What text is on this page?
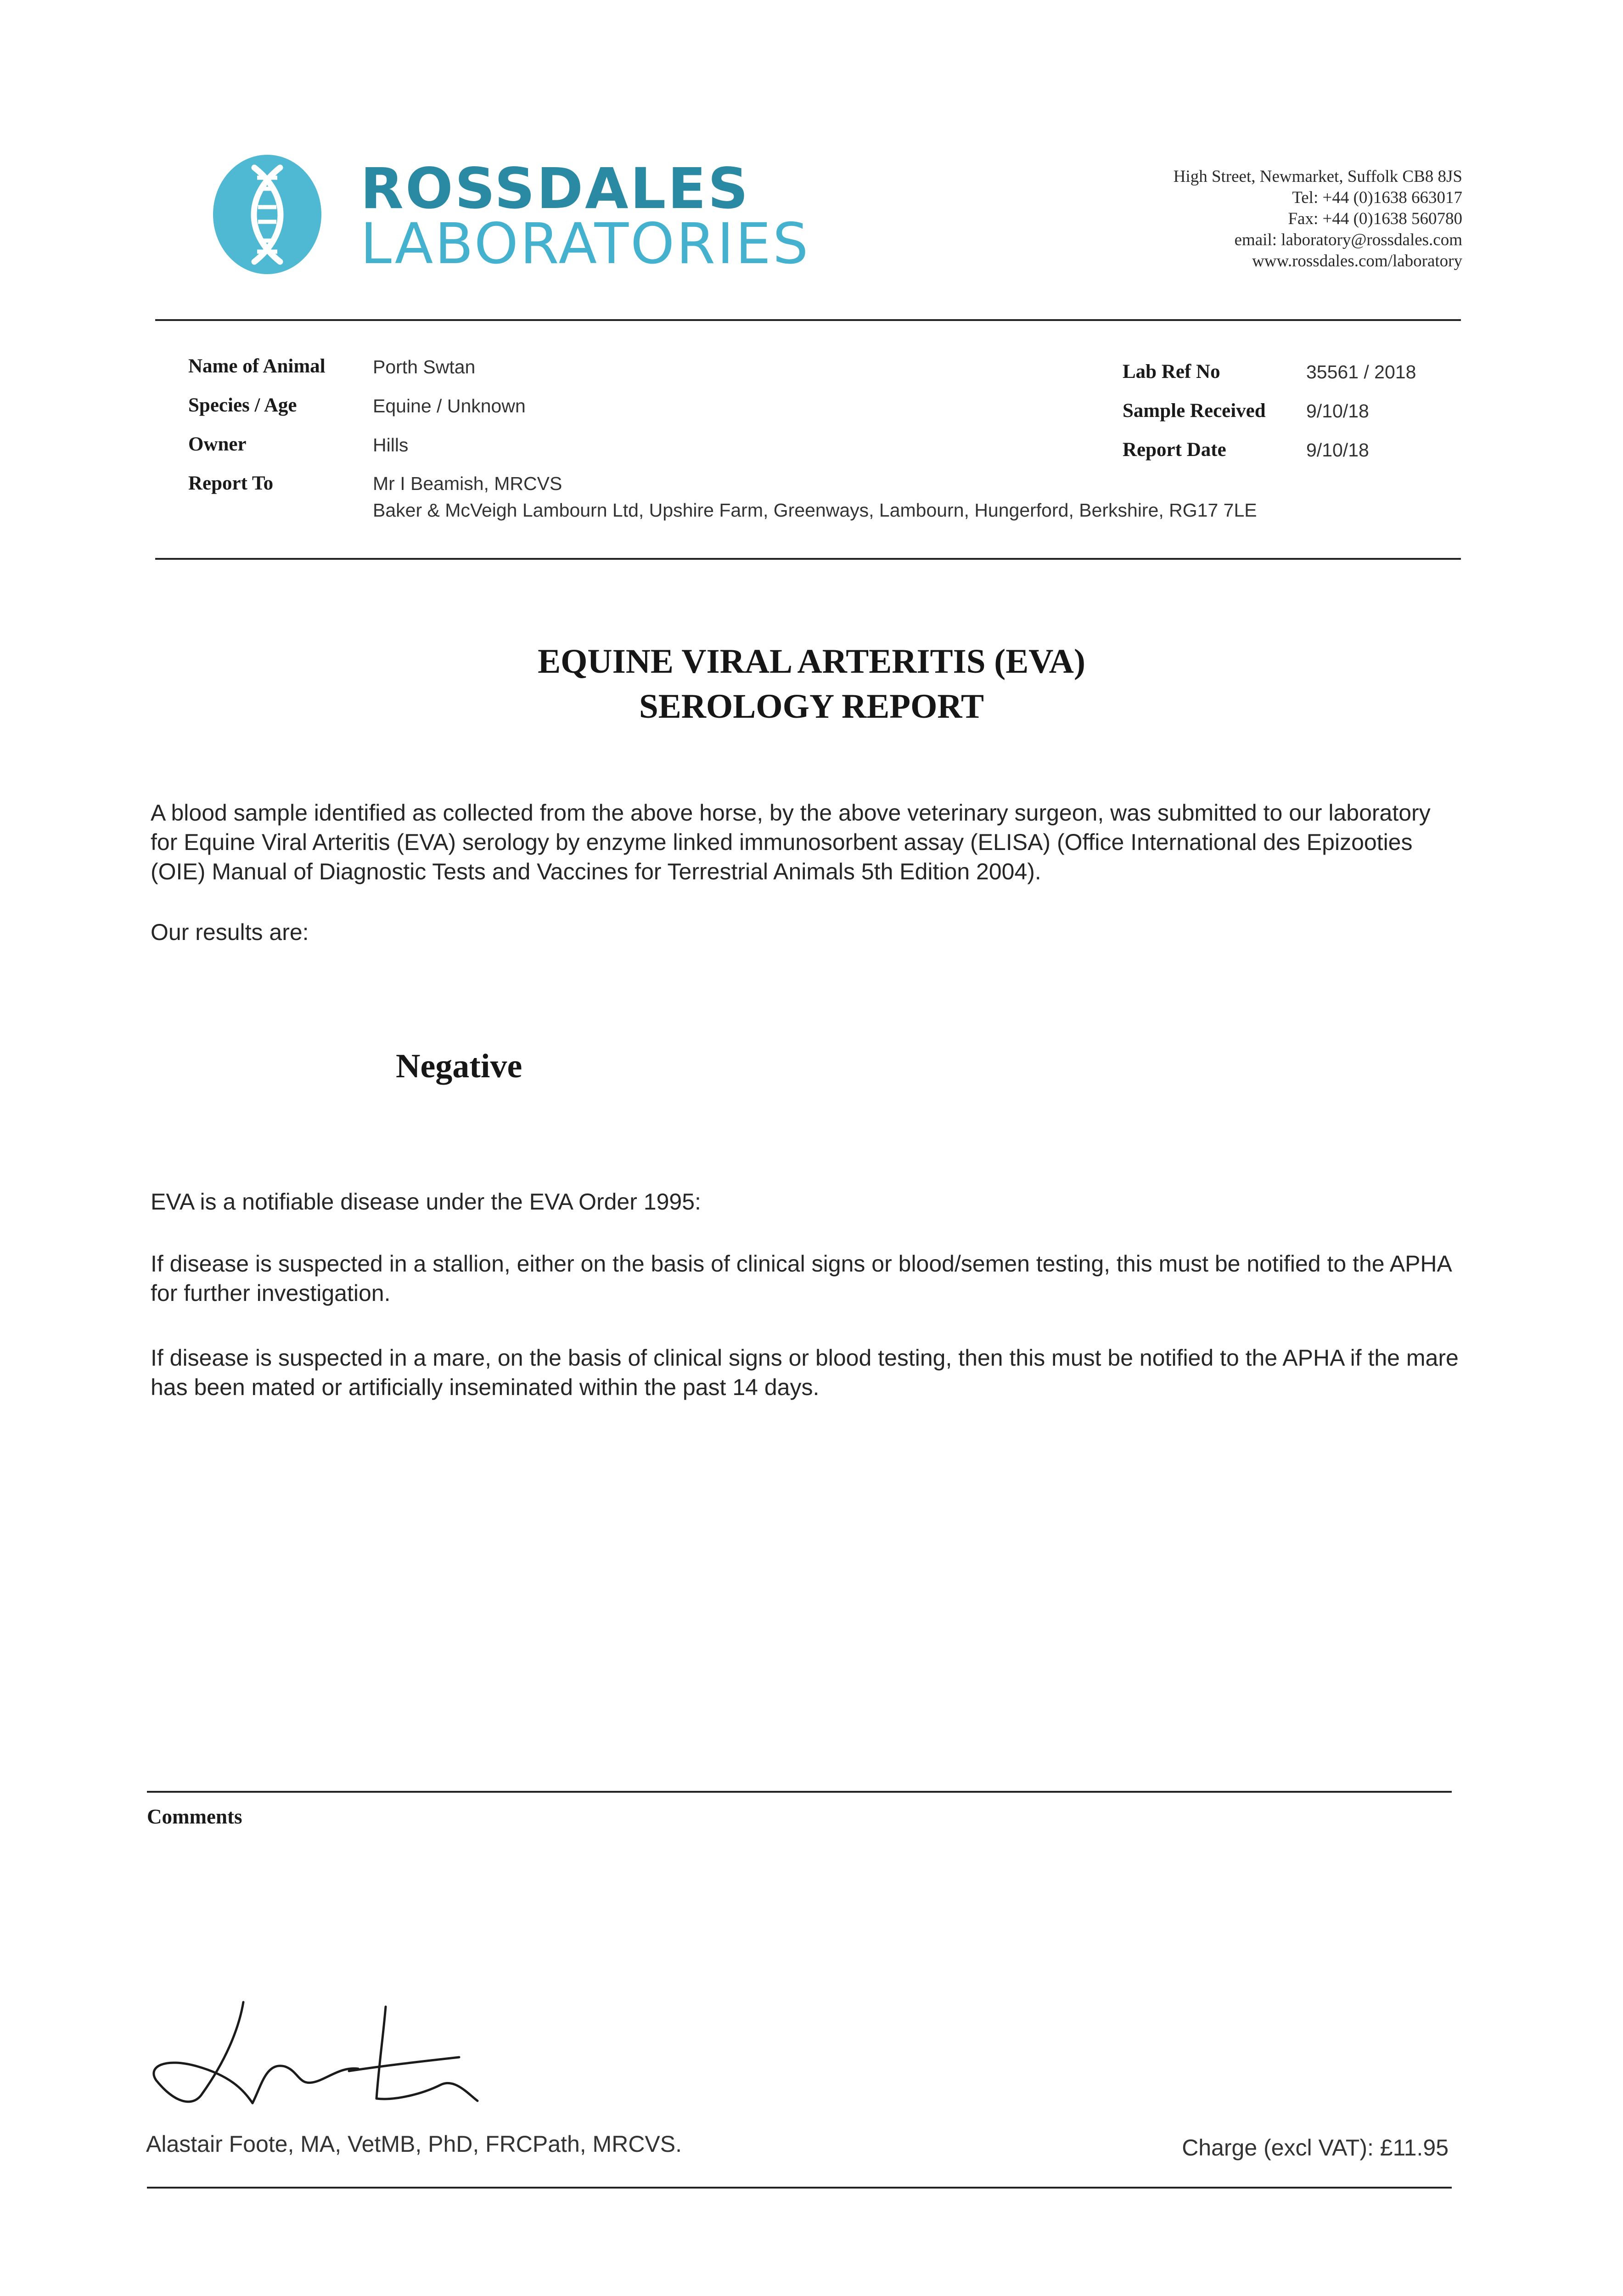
ROSSDALES
LABORATORIES
High Street, Newmarket, Suffolk CB8 8JS
Tel: +44 (0)1638 663017
Fax: +44 (0)1638 560780
email: laboratory@rossdales.com
www.rossdales.com/laboratory
Name of Animal	Porth Swtan
Species / Age	Equine / Unknown
Owner	Hills
Report To	Mr I Beamish, MRCVS
Baker & McVeigh Lambourn Ltd, Upshire Farm, Greenways, Lambourn, Hungerford, Berkshire, RG17 7LE
Lab Ref No	35561 / 2018
Sample Received 9/10/18
Report Date	9/10/18
EQUINE VIRAL ARTERITIS (EVA)
SEROLOGY REPORT
A blood sample identified as collected from the above horse, by the above veterinary surgeon, was submitted to our laboratory for Equine Viral Arteritis (EVA) serology by enzyme linked immunosorbent assay (ELISA) (Office International des Epizooties (OIE) Manual of Diagnostic Tests and Vaccines for Terrestrial Animals 5th Edition 2004).
Our results are:
Negative
EVA is a notifiable disease under the EVA Order 1995:
If disease is suspected in a stallion, either on the basis of clinical signs or blood/semen testing, this must be notified to the APHA for further investigation.
If disease is suspected in a mare, on the basis of clinical signs or blood testing, then this must be notified to the APHA if the mare has been mated or artificially inseminated within the past 14 days.
Comments
Alastair Foote, MA, VetMB, PhD, FRCPath, MRCVS.	Charge (excl VAT): £11.95
